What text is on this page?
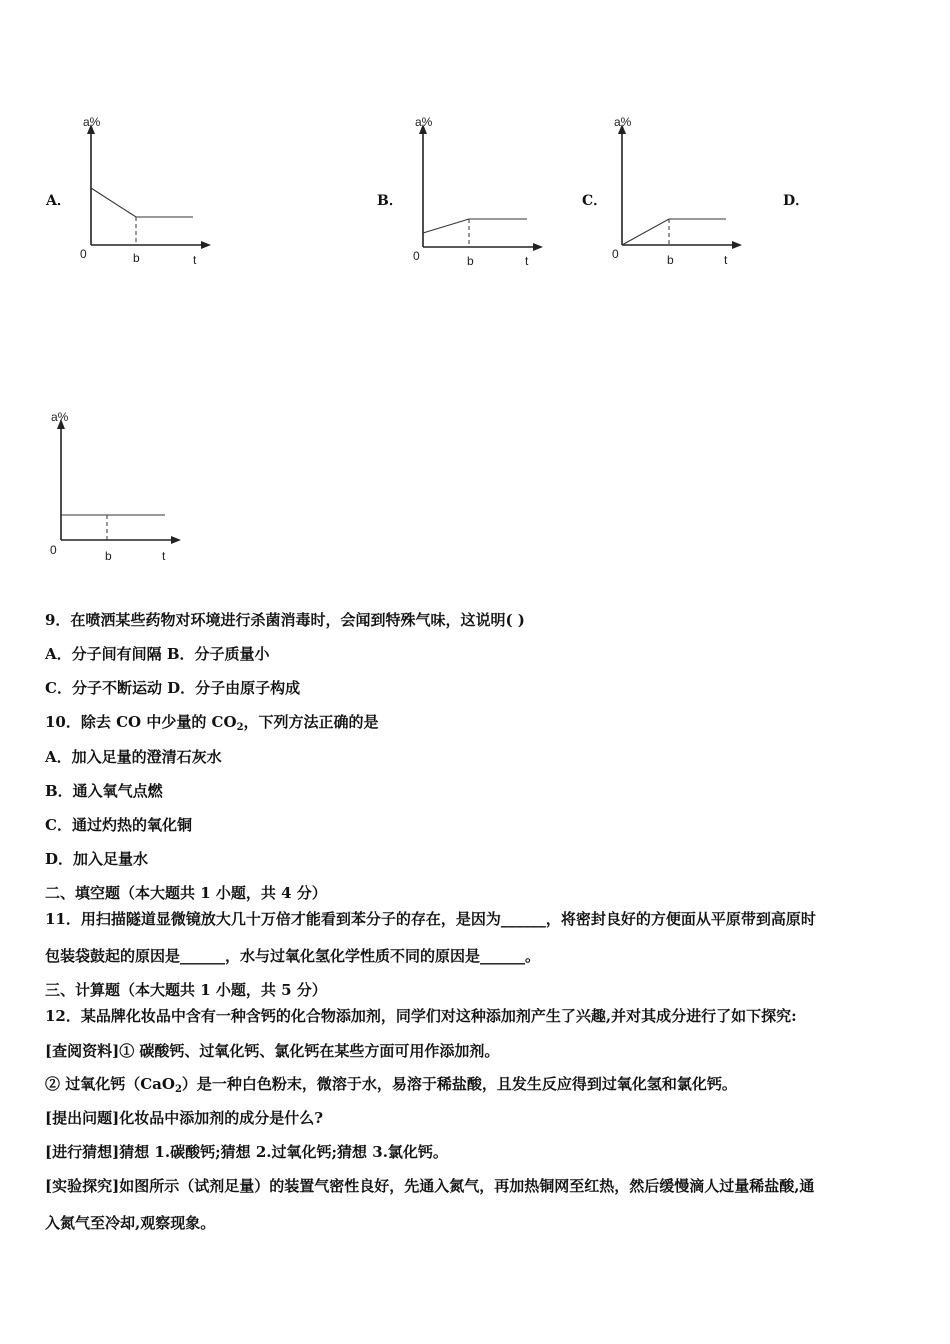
A．	B．	C．	D．
a%
0	b	t
a%
0	b	t
a%
0	b	t
a%
0	b	t
9．在喷洒某些药物对环境进行杀菌消毒时，会闻到特殊气味，这说明( )
A．分子间有间隔 B．分子质量小
C．分子不断运动 D．分子由原子构成
10．除去 CO 中少量的 $CO_2$，下列方法正确的是
A．加入足量的澄清石灰水
B．通入氧气点燃
C．通过灼热的氧化铜
D．加入足量水
二、填空题（本大题共 1 小题，共 4 分）
11．用扫描隧道显微镜放大几十万倍才能看到苯分子的存在，是因为______，将密封良好的方便面从平原带到高原时
包装袋鼓起的原因是______，水与过氧化氢化学性质不同的原因是______。
三、计算题（本大题共 1 小题，共 5 分）
12．某品牌化妆品中含有一种含钙的化合物添加剂，同学们对这种添加剂产生了兴趣,并对其成分进行了如下探究:
[查阅资料]① 碳酸钙、过氧化钙、氯化钙在某些方面可用作添加剂。
② 过氧化钙（CaO$_2$）是一种白色粉末，微溶于水，易溶于稀盐酸，且发生反应得到过氧化氢和氯化钙。
[提出问题]化妆品中添加剂的成分是什么?
[进行猜想]猜想 1.碳酸钙;猜想 2.过氧化钙;猜想 3.氯化钙。
[实验探究]如图所示（试剂足量）的装置气密性良好，先通入氮气，再加热铜网至红热，然后缓慢滴人过量稀盐酸,通
入氮气至冷却,观察现象。
